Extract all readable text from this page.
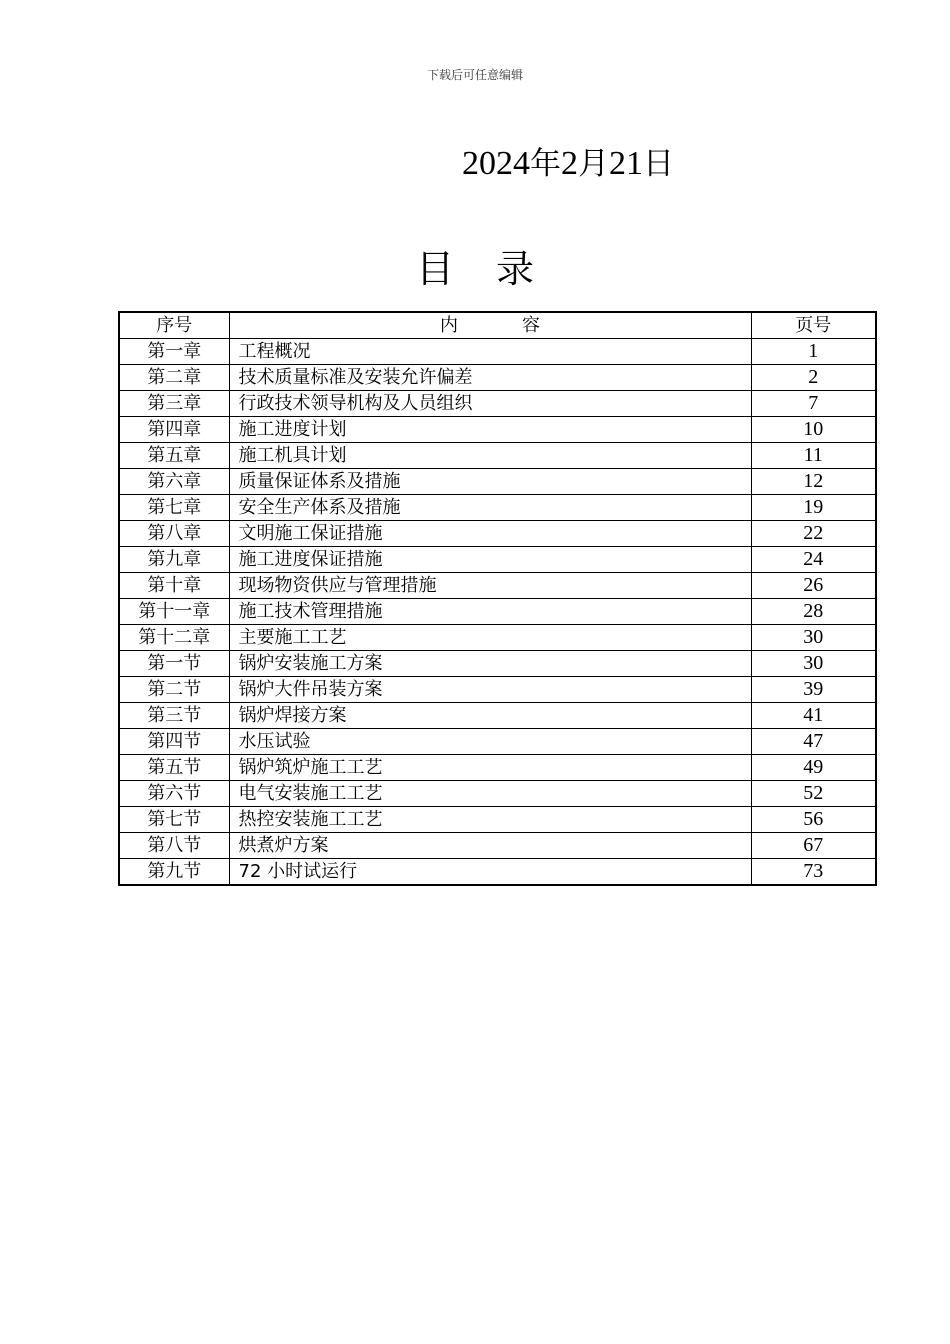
下载后可任意编辑
2024年2月21日
目录
序号	内容	页号
第一章	工程概况	1
第二章	技术质量标准及安装允许偏差	2
第三章	行政技术领导机构及人员组织	7
第四章	施工进度计划	10
第五章	施工机具计划	11
第六章	质量保证体系及措施	12
第七章	安全生产体系及措施	19
第八章	文明施工保证措施	22
第九章	施工进度保证措施	24
第十章	现场物资供应与管理措施	26
第十一章	施工技术管理措施	28
第十二章	主要施工工艺	30
第一节	锅炉安装施工方案	30
第二节	锅炉大件吊装方案	39
第三节	锅炉焊接方案	41
第四节	水压试验	47
第五节	锅炉筑炉施工工艺	49
第六节	电气安装施工工艺	52
第七节	热控安装施工工艺	56
第八节	烘煮炉方案	67
第九节	72 小时试运行	73
